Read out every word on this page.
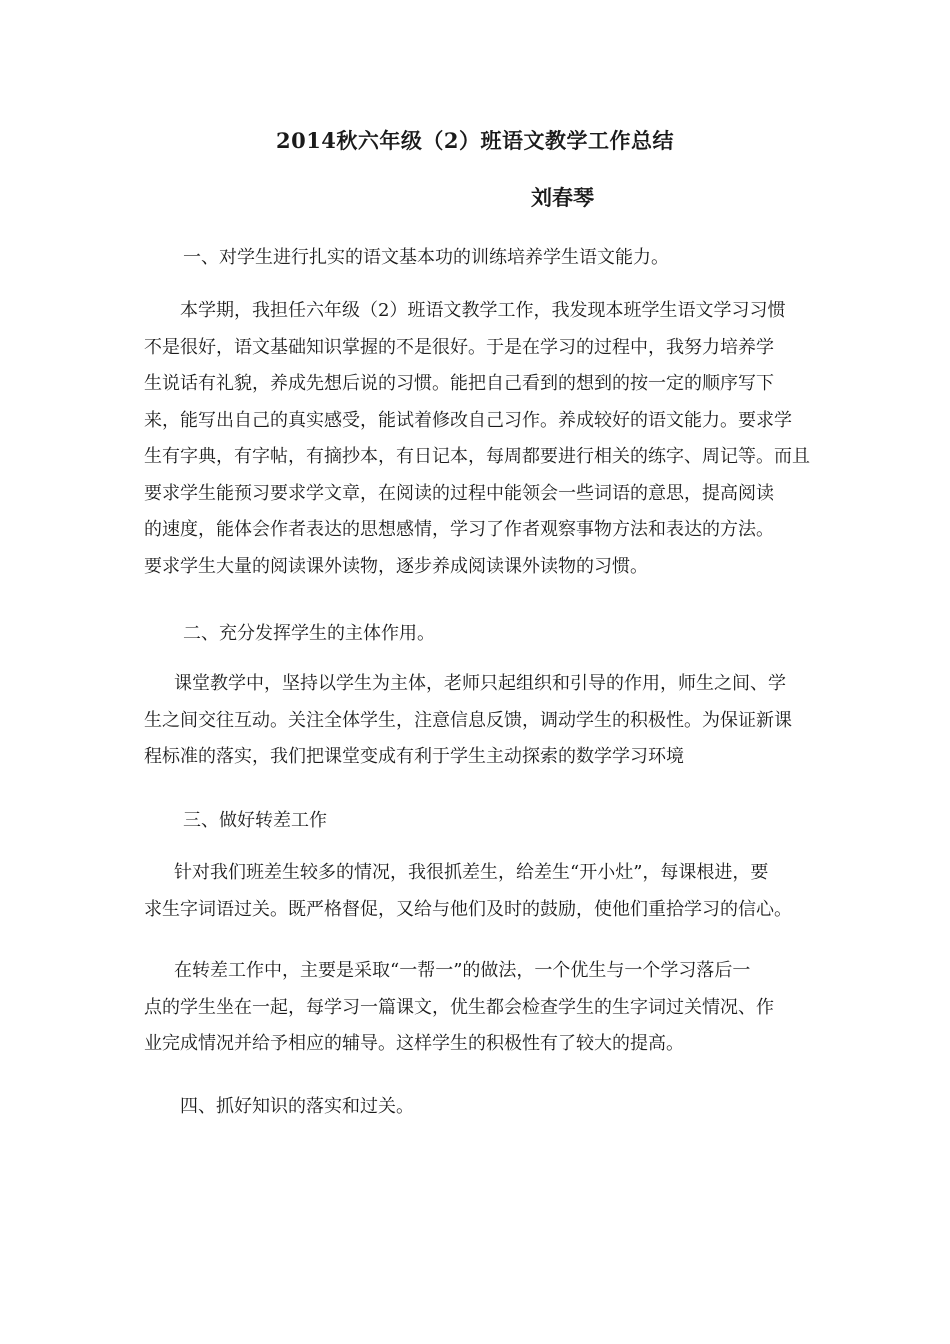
2014秋六年级（2）班语文教学工作总结
刘春琴
一、对学生进行扎实的语文基本功的训练培养学生语文能力。
本学期，我担任六年级（2）班语文教学工作，我发现本班学生语文学习习惯
不是很好，语文基础知识掌握的不是很好。于是在学习的过程中，我努力培养学
生说话有礼貌，养成先想后说的习惯。能把自己看到的想到的按一定的顺序写下
来，能写出自己的真实感受，能试着修改自己习作。养成较好的语文能力。要求学
生有字典，有字帖，有摘抄本，有日记本，每周都要进行相关的练字、周记等。而且
要求学生能预习要求学文章，在阅读的过程中能领会一些词语的意思，提高阅读
的速度，能体会作者表达的思想感情，学习了作者观察事物方法和表达的方法。
要求学生大量的阅读课外读物，逐步养成阅读课外读物的习惯。
二、充分发挥学生的主体作用。
课堂教学中，坚持以学生为主体，老师只起组织和引导的作用，师生之间、学
生之间交往互动。关注全体学生，注意信息反馈，调动学生的积极性。为保证新课
程标准的落实，我们把课堂变成有利于学生主动探索的数学学习环境
三、做好转差工作
针对我们班差生较多的情况，我很抓差生，给差生“开小灶”，每课根进，要
求生字词语过关。既严格督促，又给与他们及时的鼓励，使他们重拾学习的信心。
在转差工作中，主要是采取“一帮一”的做法，一个优生与一个学习落后一
点的学生坐在一起，每学习一篇课文，优生都会检查学生的生字词过关情况、作
业完成情况并给予相应的辅导。这样学生的积极性有了较大的提高。
四、抓好知识的落实和过关。
